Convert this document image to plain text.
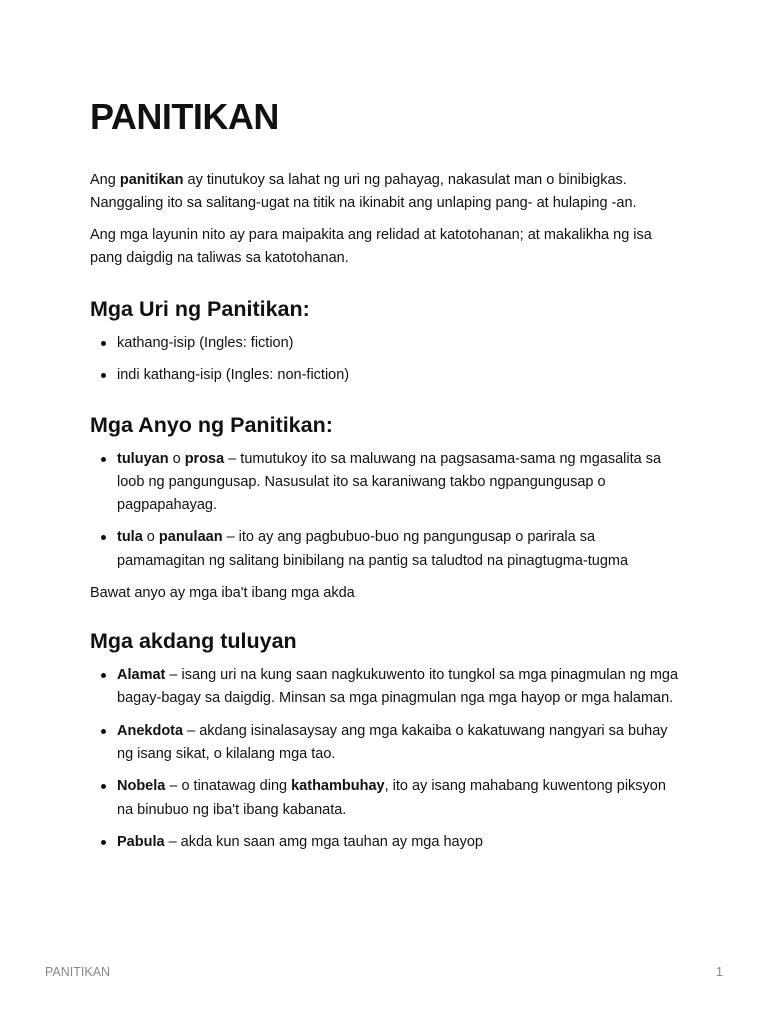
PANITIKAN

Ang panitikan ay tinutukoy sa lahat ng uri ng pahayag, nakasulat man o binibigkas. Nanggaling ito sa salitang-ugat na titik na ikinabit ang unlaping pang- at hulaping -an.

Ang mga layunin nito ay para maipakita ang relidad at katotohanan; at makalikha ng isa pang daigdig na taliwas sa katotohanan.

Mga Uri ng Panitikan:
kathang-isip (Ingles: fiction)
indi kathang-isip (Ingles: non-fiction)
Mga Anyo ng Panitikan:
tuluyan o prosa – tumutukoy ito sa maluwang na pagsasama-sama ng mgasalita sa loob ng pangungusap. Nasusulat ito sa karaniwang takbo ngpangungusap o pagpapahayag.
tula o panulaan – ito ay ang pagbubuo-buo ng pangungusap o parirala sa pamamagitan ng salitang binibilang na pantig sa taludtod na pinagtugma-tugma

Bawat anyo ay mga iba't ibang mga akda

Mga akdang tuluyan
Alamat – isang uri na kung saan nagkukuwento ito tungkol sa mga pinagmulan ng mga bagay-bagay sa daigdig. Minsan sa mga pinagmulan nga mga hayop or mga halaman.
Anekdota – akdang isinalasaysay ang mga kakaiba o kakatuwang nangyari sa buhay ng isang sikat, o kilalang mga tao.
Nobela – o tinatawag ding kathambuhay, ito ay isang mahabang kuwentong piksyon na binubuo ng iba't ibang kabanata.
Pabula – akda kun saan amg mga tauhan ay mga hayop
PANITIKAN	1
